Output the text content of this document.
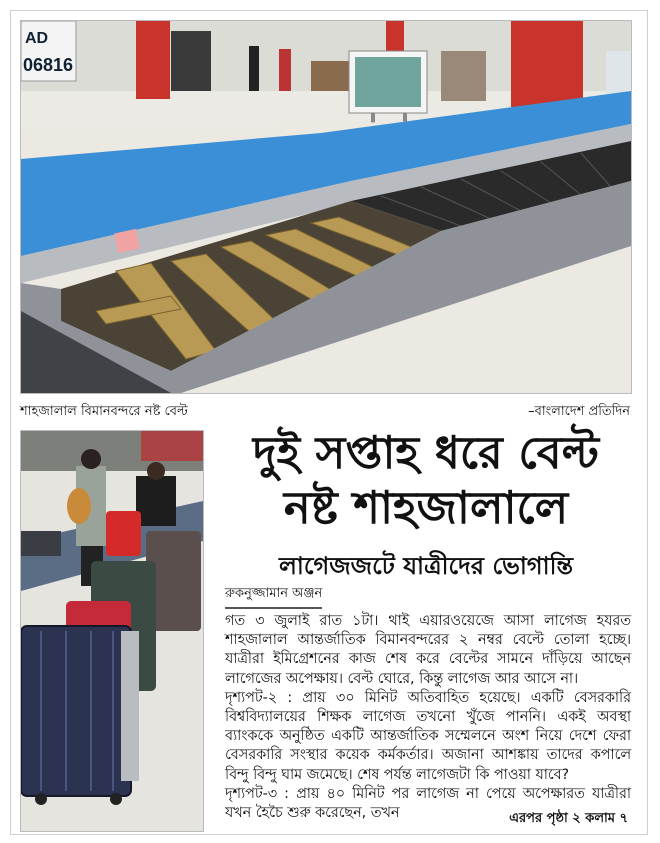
AD
06816
শাহজালাল বিমানবন্দরে নষ্ট বেল্ট	–বাংলাদেশ প্রতিদিন
দুই সপ্তাহ ধরে বেল্ট
নষ্ট শাহজালালে
লাগেজজটে যাত্রীদের ভোগান্তি
রুকনুজ্জামান অঞ্জন

গত ৩ জুলাই রাত ১টা। থাই এয়ারওয়েজে আসা লাগেজ হযরত শাহজালাল আন্তর্জাতিক বিমানবন্দরের ২ নম্বর বেল্টে তোলা হচ্ছে। যাত্রীরা ইমিগ্রেশনের কাজ শেষ করে বেল্টের সামনে দাঁড়িয়ে আছেন লাগেজের অপেক্ষায়। বেল্ট ঘোরে, কিন্তু লাগেজ আর আসে না।

দৃশ্যপট-২ : প্রায় ৩০ মিনিট অতিবাহিত হয়েছে। একটি বেসরকারি বিশ্ববিদ্যালয়ের শিক্ষক লাগেজ তখনো খুঁজে পাননি। একই অবস্থা ব্যাংককে অনুষ্ঠিত একটি আন্তর্জাতিক সম্মেলনে অংশ নিয়ে দেশে ফেরা বেসরকারি সংস্থার কয়েক কর্মকর্তার। অজানা আশঙ্কায় তাদের কপালে বিন্দু বিন্দু ঘাম জমেছে। শেষ পর্যন্ত লাগেজটা কি পাওয়া যাবে?

দৃশ্যপট-৩ : প্রায় ৪০ মিনিট পর লাগেজ না পেয়ে অপেক্ষারত যাত্রীরা যখন হৈচৈ শুরু করেছেন, তখন	এরপর পৃষ্ঠা ২ কলাম ৭
